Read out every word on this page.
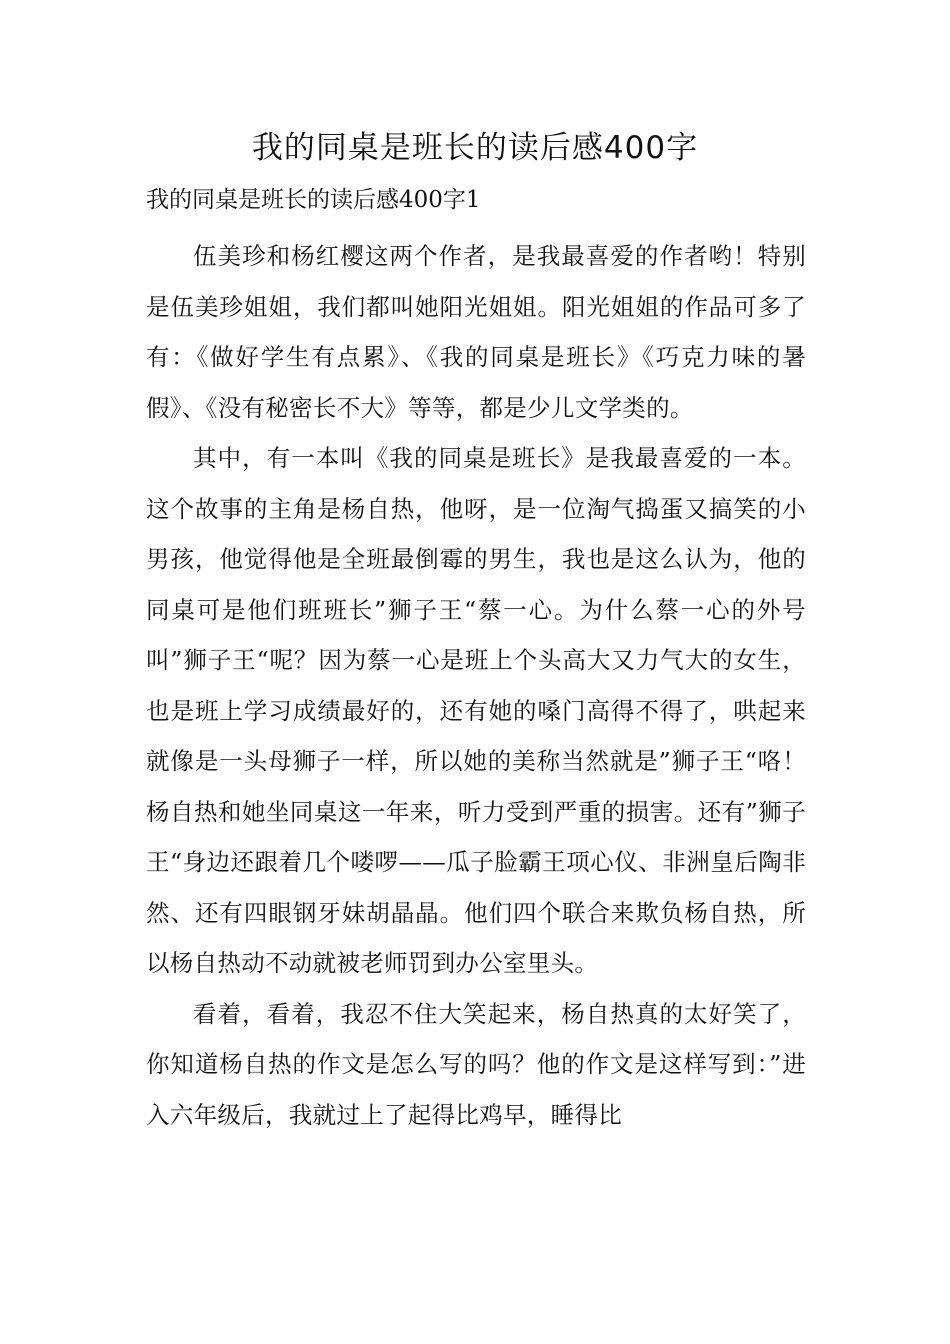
我的同桌是班长的读后感400字
我的同桌是班长的读后感400字1

伍美珍和杨红樱这两个作者，是我最喜爱的作者哟！特别是伍美珍姐姐，我们都叫她阳光姐姐。阳光姐姐的作品可多了有：《做好学生有点累》、《我的同桌是班长》《巧克力味的暑假》、《没有秘密长不大》等等，都是少儿文学类的。

其中，有一本叫《我的同桌是班长》是我最喜爱的一本。这个故事的主角是杨自热，他呀，是一位淘气捣蛋又搞笑的小男孩，他觉得他是全班最倒霉的男生，我也是这么认为，他的同桌可是他们班班长”狮子王“蔡一心。为什么蔡一心的外号叫”狮子王“呢？因为蔡一心是班上个头高大又力气大的女生，也是班上学习成绩最好的，还有她的嗓门高得不得了，哄起来就像是一头母狮子一样，所以她的美称当然就是”狮子王“咯！杨自热和她坐同桌这一年来，听力受到严重的损害。还有”狮子王“身边还跟着几个喽啰——瓜子脸霸王项心仪、非洲皇后陶非然、还有四眼钢牙妹胡晶晶。他们四个联合来欺负杨自热，所以杨自热动不动就被老师罚到办公室里头。

看着，看着，我忍不住大笑起来，杨自热真的太好笑了，你知道杨自热的作文是怎么写的吗？他的作文是这样写到：”进入六年级后，我就过上了起得比鸡早，睡得比
